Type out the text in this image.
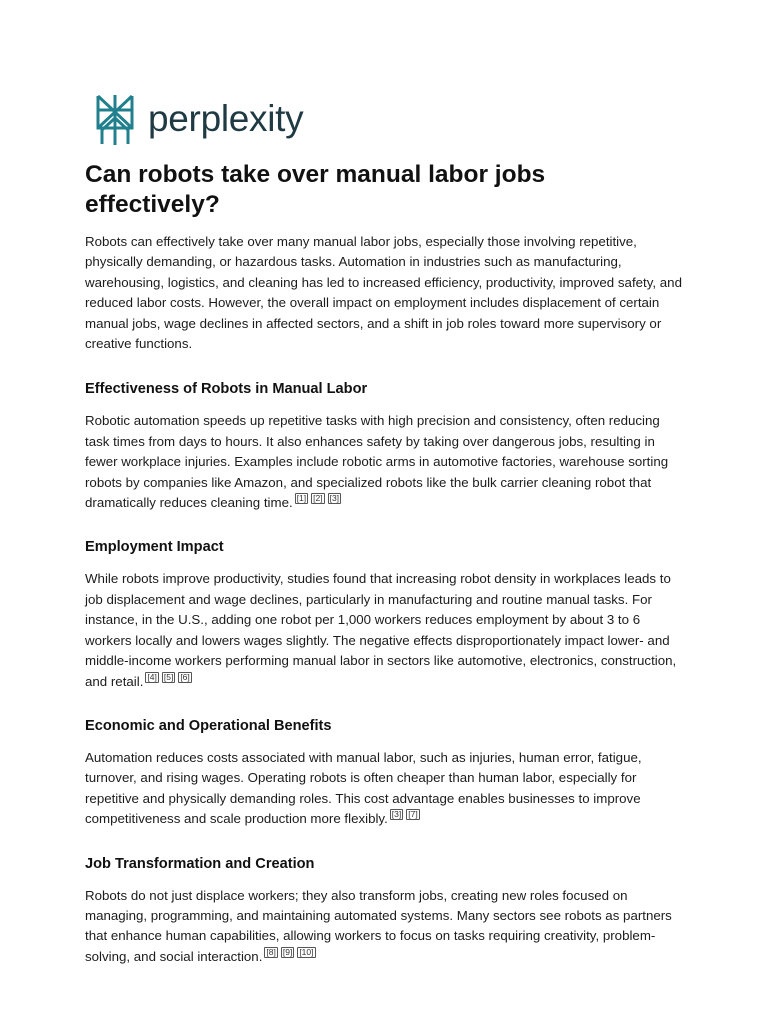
perplexity
Can robots take over manual labor jobs effectively?

Robots can effectively take over many manual labor jobs, especially those involving repetitive, physically demanding, or hazardous tasks. Automation in industries such as manufacturing, warehousing, logistics, and cleaning has led to increased efficiency, productivity, improved safety, and reduced labor costs. However, the overall impact on employment includes displacement of certain manual jobs, wage declines in affected sectors, and a shift in job roles toward more supervisory or creative functions.

Effectiveness of Robots in Manual Labor

Robotic automation speeds up repetitive tasks with high precision and consistency, often reducing task times from days to hours. It also enhances safety by taking over dangerous jobs, resulting in fewer workplace injuries. Examples include robotic arms in automotive factories, warehouse sorting robots by companies like Amazon, and specialized robots like the bulk carrier cleaning robot that dramatically reduces cleaning time. [1] [2] [3]

Employment Impact

While robots improve productivity, studies found that increasing robot density in workplaces leads to job displacement and wage declines, particularly in manufacturing and routine manual tasks. For instance, in the U.S., adding one robot per 1,000 workers reduces employment by about 3 to 6 workers locally and lowers wages slightly. The negative effects disproportionately impact lower- and middle-income workers performing manual labor in sectors like automotive, electronics, construction, and retail. [4] [5] [6]

Economic and Operational Benefits

Automation reduces costs associated with manual labor, such as injuries, human error, fatigue, turnover, and rising wages. Operating robots is often cheaper than human labor, especially for repetitive and physically demanding roles. This cost advantage enables businesses to improve competitiveness and scale production more flexibly. [3] [7]

Job Transformation and Creation

Robots do not just displace workers; they also transform jobs, creating new roles focused on managing, programming, and maintaining automated systems. Many sectors see robots as partners that enhance human capabilities, allowing workers to focus on tasks requiring creativity, problem-solving, and social interaction. [8] [9] [10]
